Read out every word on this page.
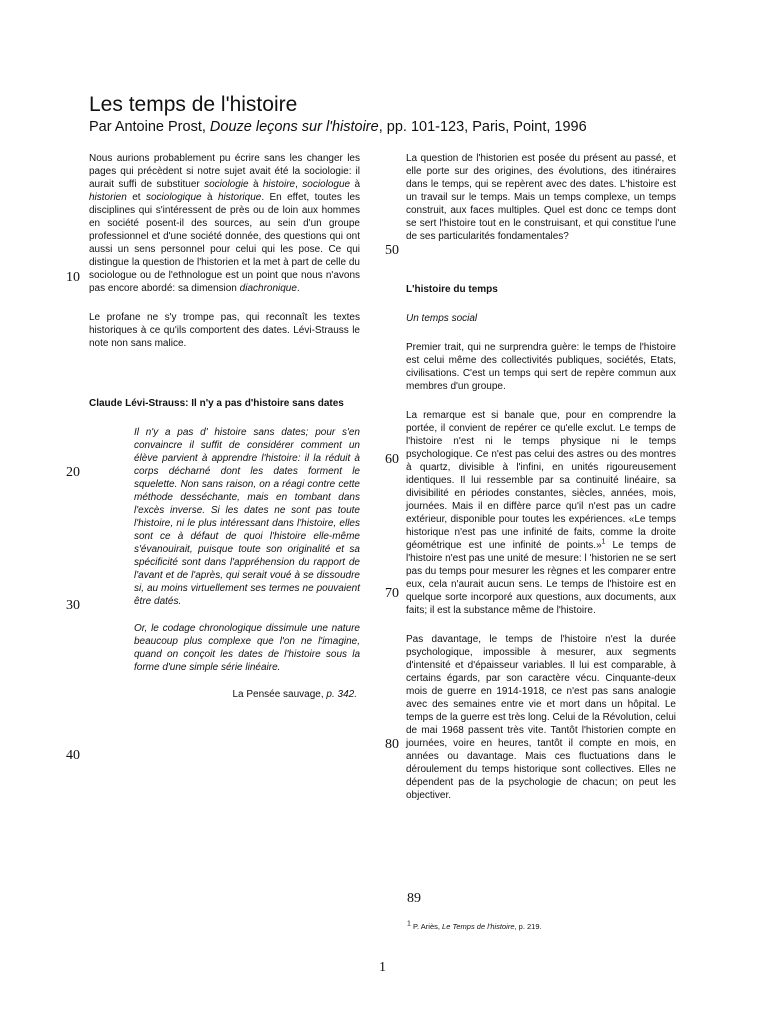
Les temps de l'histoire
Par Antoine Prost, Douze leçons sur l'histoire, pp. 101-123, Paris, Point, 1996
10
20
30
40
50
60
70
80

Nous aurions probablement pu écrire sans les changer les pages qui précèdent si notre sujet avait été la sociologie: il aurait suffi de substituer sociologie à histoire, sociologue à historien et sociologique à historique. En effet, toutes les disciplines qui s'intéressent de près ou de loin aux hommes en société posent-il des sources, au sein d'un groupe professionnel et d'une société donnée, des questions qui ont aussi un sens personnel pour celui qui les pose. Ce qui distingue la question de l'historien et la met à part de celle du sociologue ou de l'ethnologue est un point que nous n'avons pas encore abordé: sa dimension diachronique.

Le profane ne s'y trompe pas, qui reconnaît les textes historiques à ce qu'ils comportent des dates. Lévi-Strauss le note non sans malice.

Claude Lévi-Strauss: Il n'y a pas d'histoire sans dates

Il n'y a pas d' histoire sans dates; pour s'en convaincre il suffit de considérer comment un élève parvient à apprendre l'histoire: il la réduit à corps décharné dont les dates forment le squelette. Non sans raison, on a réagi contre cette méthode desséchante, mais en tombant dans l'excès inverse. Si les dates ne sont pas toute l'histoire, ni le plus intéressant dans l'histoire, elles sont ce à défaut de quoi l'histoire elle-même s'évanouirait, puisque toute son originalité et sa spécificité sont dans l'appréhension du rapport de l'avant et de l'après, qui serait voué à se dissoudre si, au moins virtuellement ses termes ne pouvaient être datés.

Or, le codage chronologique dissimule une nature beaucoup plus complexe que l'on ne l'imagine, quand on conçoit les dates de l'histoire sous la forme d'une simple série linéaire.

La Pensée sauvage, p. 342.

La question de l'historien est posée du présent au passé, et elle porte sur des origines, des évolutions, des itinéraires dans le temps, qui se repèrent avec des dates. L'histoire est un travail sur le temps. Mais un temps complexe, un temps construit, aux faces multiples. Quel est donc ce temps dont se sert l'histoire tout en le construisant, et qui constitue l'une de ses particularités fondamentales?

L'histoire du temps

Un temps social

Premier trait, qui ne surprendra guère: le temps de l'histoire est celui même des collectivités publiques, sociétés, Etats, civilisations. C'est un temps qui sert de repère commun aux membres d'un groupe.

La remarque est si banale que, pour en comprendre la portée, il convient de repérer ce qu'elle exclut. Le temps de l'histoire n'est ni le temps physique ni le temps psychologique. Ce n'est pas celui des astres ou des montres à quartz, divisible à l'infini, en unités rigoureusement identiques. Il lui ressemble par sa continuité linéaire, sa divisibilité en périodes constantes, siècles, années, mois, journées. Mais il en diffère parce qu'il n'est pas un cadre extérieur, disponible pour toutes les expériences. «Le temps historique n'est pas une infinité de faits, comme la droite géométrique est une infinité de points.»$^1$ Le temps de l'histoire n'est pas une unité de mesure: l 'historien ne se sert pas du temps pour mesurer les règnes et les comparer entre eux, cela n'aurait aucun sens. Le temps de l'histoire est en quelque sorte incorporé aux questions, aux documents, aux faits; il est la substance même de l'histoire.

Pas davantage, le temps de l'histoire n'est la durée psychologique, impossible à mesurer, aux segments d'intensité et d'épaisseur variables. Il lui est comparable, à certains égards, par son caractère vécu. Cinquante-deux mois de guerre en 1914-1918, ce n'est pas sans analogie avec des semaines entre vie et mort dans un hôpital. Le temps de la guerre est très long. Celui de la Révolution, celui de mai 1968 passent très vite. Tantôt l'historien compte en journées, voire en heures, tantôt il compte en mois, en années ou davantage. Mais ces fluctuations dans le déroulement du temps historique sont collectives. Elles ne dépendent pas de la psychologie de chacun; on peut les objectiver.

89
$^1$ P. Ariès, Le Temps de l'histoire, p. 219.
1
